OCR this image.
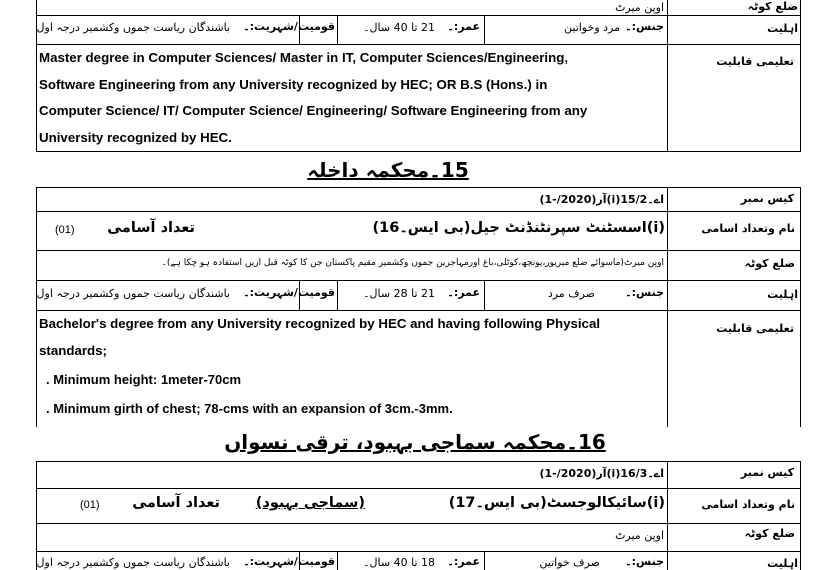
اوپن میرٹ	ضلع کوٹہ
اہلیت
جنس:۔
مرد وخواتین
عمر:۔
21 تا 40 سال۔
قومیت/شہریت:۔
باشندگان ریاست جموں وکشمیر درجہ اول
تعلیمی قابلیت
Master degree in Computer Sciences/ Master in IT, Computer Sciences/Engineering,
Software Engineering from any University recognized by HEC; OR B.S (Hons.) in
Computer Science/ IT/ Computer Science/ Engineering/ Software Engineering from any
University recognized by HEC.
15۔محکمہ داخلہ
کیس نمبر
اے۔15/2(i)آر(2020/-1)
نام وتعداد اسامی
(i)اسسٹنٹ سپرنٹنڈنٹ جیل(بی ایس۔16)
تعداد آسامی
(01)
ضلع کوٹہ
اوپن میرٹ(ماسوائے ضلع میرپور،پونچھ،کوٹلی،باغ اورمہاجرین جموں وکشمیر مقیم پاکستان جن کا کوٹہ قبل ازیں استفادہ ہو چکا ہے)۔
اہلیت
جنس:۔
صرف مرد
عمر:۔
21 تا 28 سال۔
قومیت/شہریت:۔
باشندگان ریاست جموں وکشمیر درجہ اول
تعلیمی قابلیت
Bachelor's degree from any University recognized by HEC and having following Physical
standards;
. Minimum height: 1meter-70cm
. Minimum girth of chest; 78-cms with an expansion of 3cm.-3mm.
16۔محکمہ سماجی بہبود، ترقی نسواں
کیس نمبر
اے۔16/3(i)آر(2020/-1)
نام وتعداد اسامی
(i)سائیکالوجسٹ(بی ایس۔17)
(سماجی بہبود)
تعداد آسامی
(01)
ضلع کوٹہ
اوپن میرٹ
اہلیت
جنس:۔
صرف خواتین
عمر:۔
18 تا 40 سال۔
قومیت/شہریت:۔
باشندگان ریاست جموں وکشمیر درجہ اول
